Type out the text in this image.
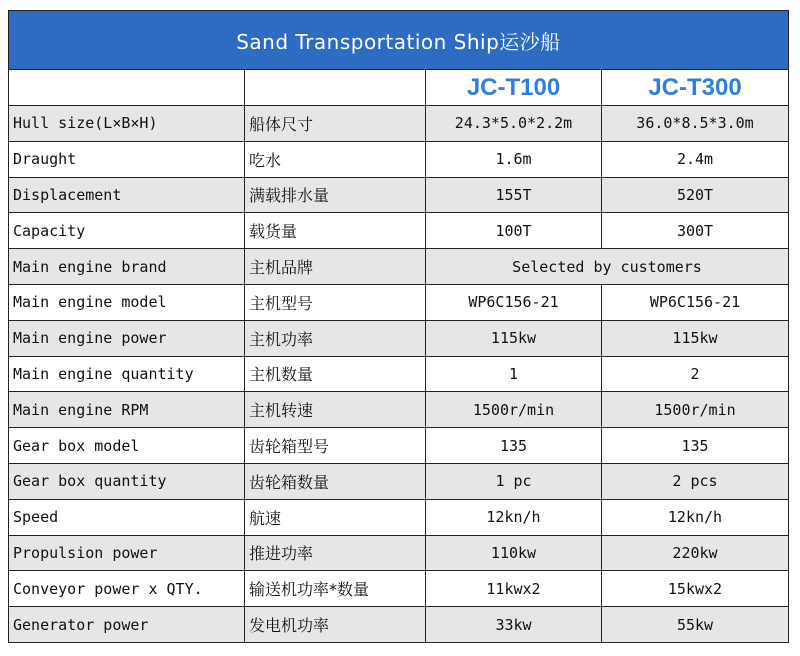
Sand Transportation Ship运沙船			
		JC-T100	JC-T300
Hull size(L×B×H)	船体尺寸	24.3*5.0*2.2m	36.0*8.5*3.0m
Draught	吃水	1.6m	2.4m
Displacement	满载排水量	155T	520T
Capacity	载货量	100T	300T
Main engine brand	主机品牌	Selected by customers	
Main engine model	主机型号	WP6C156-21	WP6C156-21
Main engine power	主机功率	115kw	115kw
Main engine quantity	主机数量	1	2
Main engine RPM	主机转速	1500r/min	1500r/min
Gear box model	齿轮箱型号	135	135
Gear box quantity	齿轮箱数量	1 pc	2 pcs
Speed	航速	12kn/h	12kn/h
Propulsion power	推进功率	110kw	220kw
Conveyor power x QTY.	输送机功率*数量	11kwx2	15kwx2
Generator power	发电机功率	33kw	55kw
